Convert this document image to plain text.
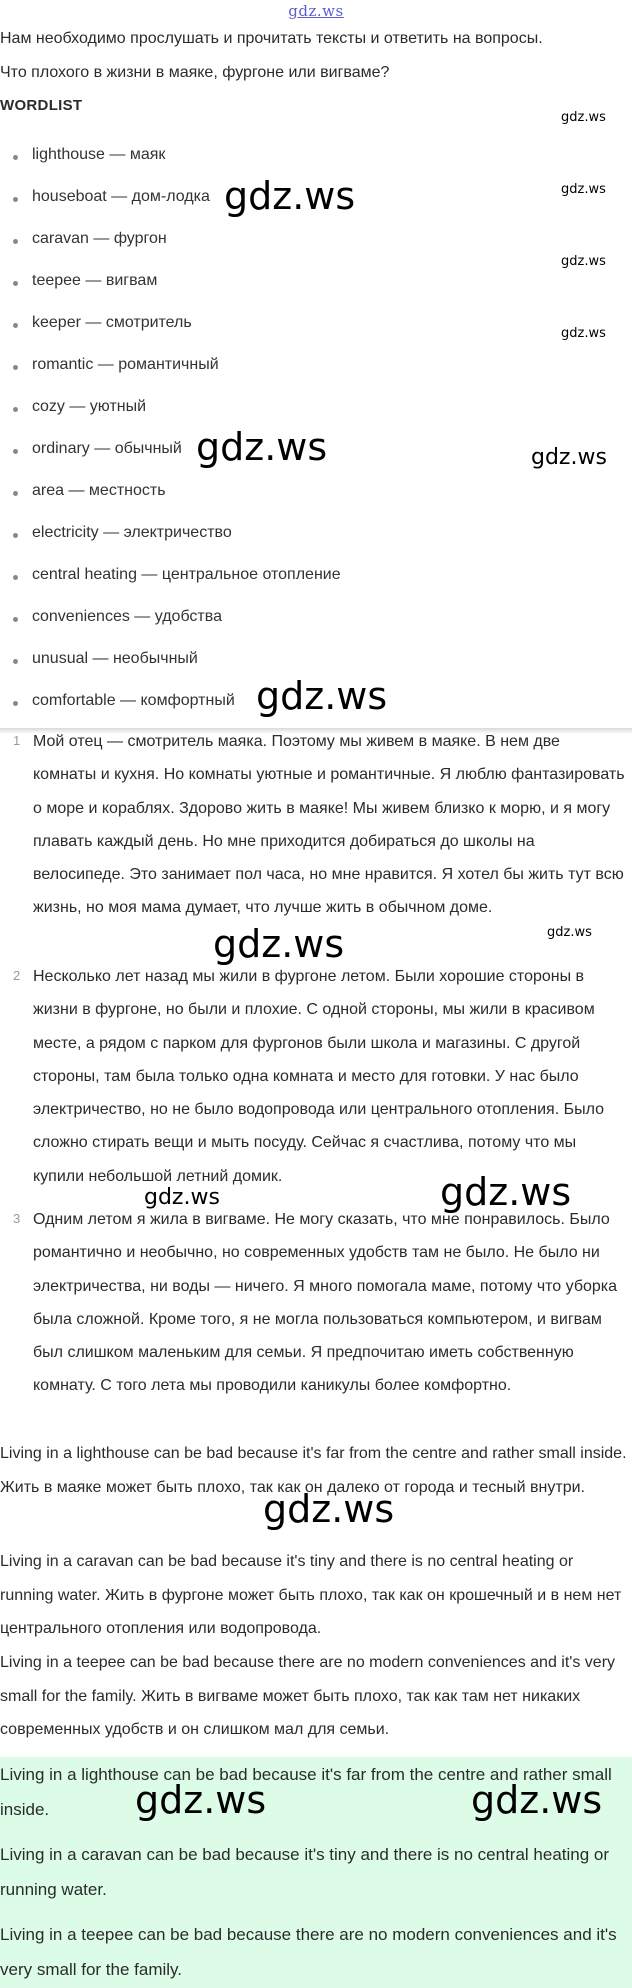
gdz.ws
Нам необходимо прослушать и прочитать тексты и ответить на вопросы.
Что плохого в жизни в маяке, фургоне или вигваме?
WORDLIST
lighthouse — маяк
houseboat — дом-лодка
caravan — фургон
teepee — вигвам
keeper — смотритель
romantic — романтичный
cozy — уютный
ordinary — обычный
area — местность
electricity — электричество
central heating — центральное отопление
conveniences — удобства
unusual — необычный
comfortable — комфортный
1 Мой отец — смотритель маяка. Поэтому мы живем в маяке. В нем две комнаты и кухня. Но комнаты уютные и романтичные. Я люблю фантазировать о море и кораблях. Здорово жить в маяке! Мы живем близко к морю, и я могу плавать каждый день. Но мне приходится добираться до школы на велосипеде. Это занимает пол часа, но мне нравится. Я хотел бы жить тут всю жизнь, но моя мама думает, что лучше жить в обычном доме.
2 Несколько лет назад мы жили в фургоне летом. Были хорошие стороны в жизни в фургоне, но были и плохие. С одной стороны, мы жили в красивом месте, а рядом с парком для фургонов были школа и магазины. С другой стороны, там была только одна комната и место для готовки. У нас было электричество, но не было водопровода или центрального отопления. Было сложно стирать вещи и мыть посуду. Сейчас я счастлива, потому что мы купили небольшой летний домик.
3 Одним летом я жила в вигваме. Не могу сказать, что мне понравилось. Было романтично и необычно, но современных удобств там не было. Не было ни электричества, ни воды — ничего. Я много помогала маме, потому что уборка была сложной. Кроме того, я не могла пользоваться компьютером, и вигвам был слишком маленьким для семьи. Я предпочитаю иметь собственную комнату. С того лета мы проводили каникулы более комфортно.

Living in a lighthouse can be bad because it's far from the centre and rather small inside. Жить в маяке может быть плохо, так как он далеко от города и тесный внутри.

Living in a caravan can be bad because it's tiny and there is no central heating or running water. Жить в фургоне может быть плохо, так как он крошечный и в нем нет центрального отопления или водопровода.

Living in a teepee can be bad because there are no modern conveniences and it's very small for the family. Жить в вигваме может быть плохо, так как там нет никаких современных удобств и он слишком мал для семьи.

Living in a lighthouse can be bad because it's far from the centre and rather small inside.

Living in a caravan can be bad because it's tiny and there is no central heating or running water.

Living in a teepee can be bad because there are no modern conveniences and it's very small for the family.

gdz.ws
gdz.ws
gdz.ws
gdz.ws
gdz.ws
gdz.ws	gdz.ws
gdz.ws
gdz.ws	gdz.ws
gdz.ws	gdz.ws
gdz.ws
gdz.ws	gdz.ws
